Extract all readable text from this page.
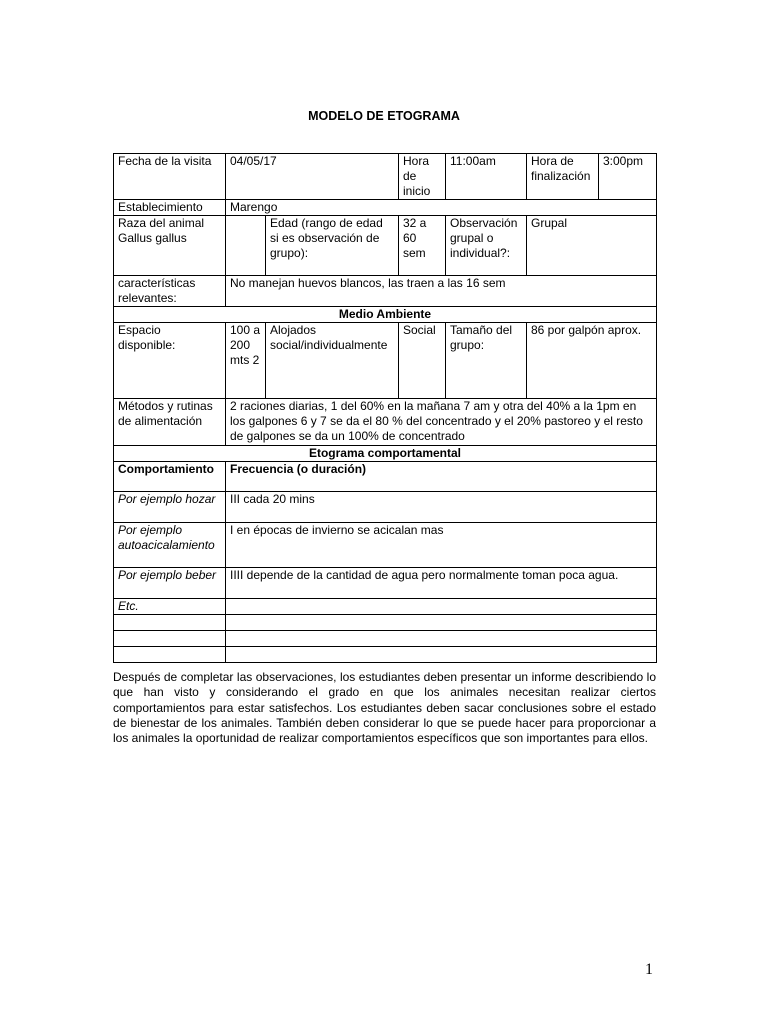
MODELO DE ETOGRAMA
Fecha de la visita	04/05/17		Hora de inicio	11:00am	Hora de finalización	3:00pm
Establecimiento	Marengo					
Raza del animal Gallus gallus		Edad (rango de edad si es observación de grupo):	32 a 60 sem	Observación grupal o individual?:	Grupal	
características relevantes:	No manejan huevos blancos, las traen a las 16 sem					
Medio Ambiente						
Espacio disponible:	100 a 200 mts 2	Alojados social/individualmente	Social	Tamaño del grupo:	86 por galpón aprox.	
Métodos y rutinas de alimentación	2 raciones diarias, 1 del 60% en la mañana 7 am y otra del 40% a la 1pm en los galpones 6 y 7 se da el 80 % del concentrado y el 20% pastoreo y el resto de galpones se da un 100% de concentrado					
Etograma comportamental						
Comportamiento	Frecuencia (o duración)					
Por ejemplo hozar	III cada 20 mins					
Por ejemplo autoacicalamiento	I en épocas de invierno se acicalan mas					
Por ejemplo beber	IIII depende de la cantidad de agua pero normalmente toman poca agua.					
Etc.						

Después de completar las observaciones, los estudiantes deben presentar un informe describiendo lo que han visto y considerando el grado en que los animales necesitan realizar ciertos comportamientos para estar satisfechos. Los estudiantes deben sacar conclusiones sobre el estado de bienestar de los animales. También deben considerar lo que se puede hacer para proporcionar a los animales la oportunidad de realizar comportamientos específicos que son importantes para ellos.
1
